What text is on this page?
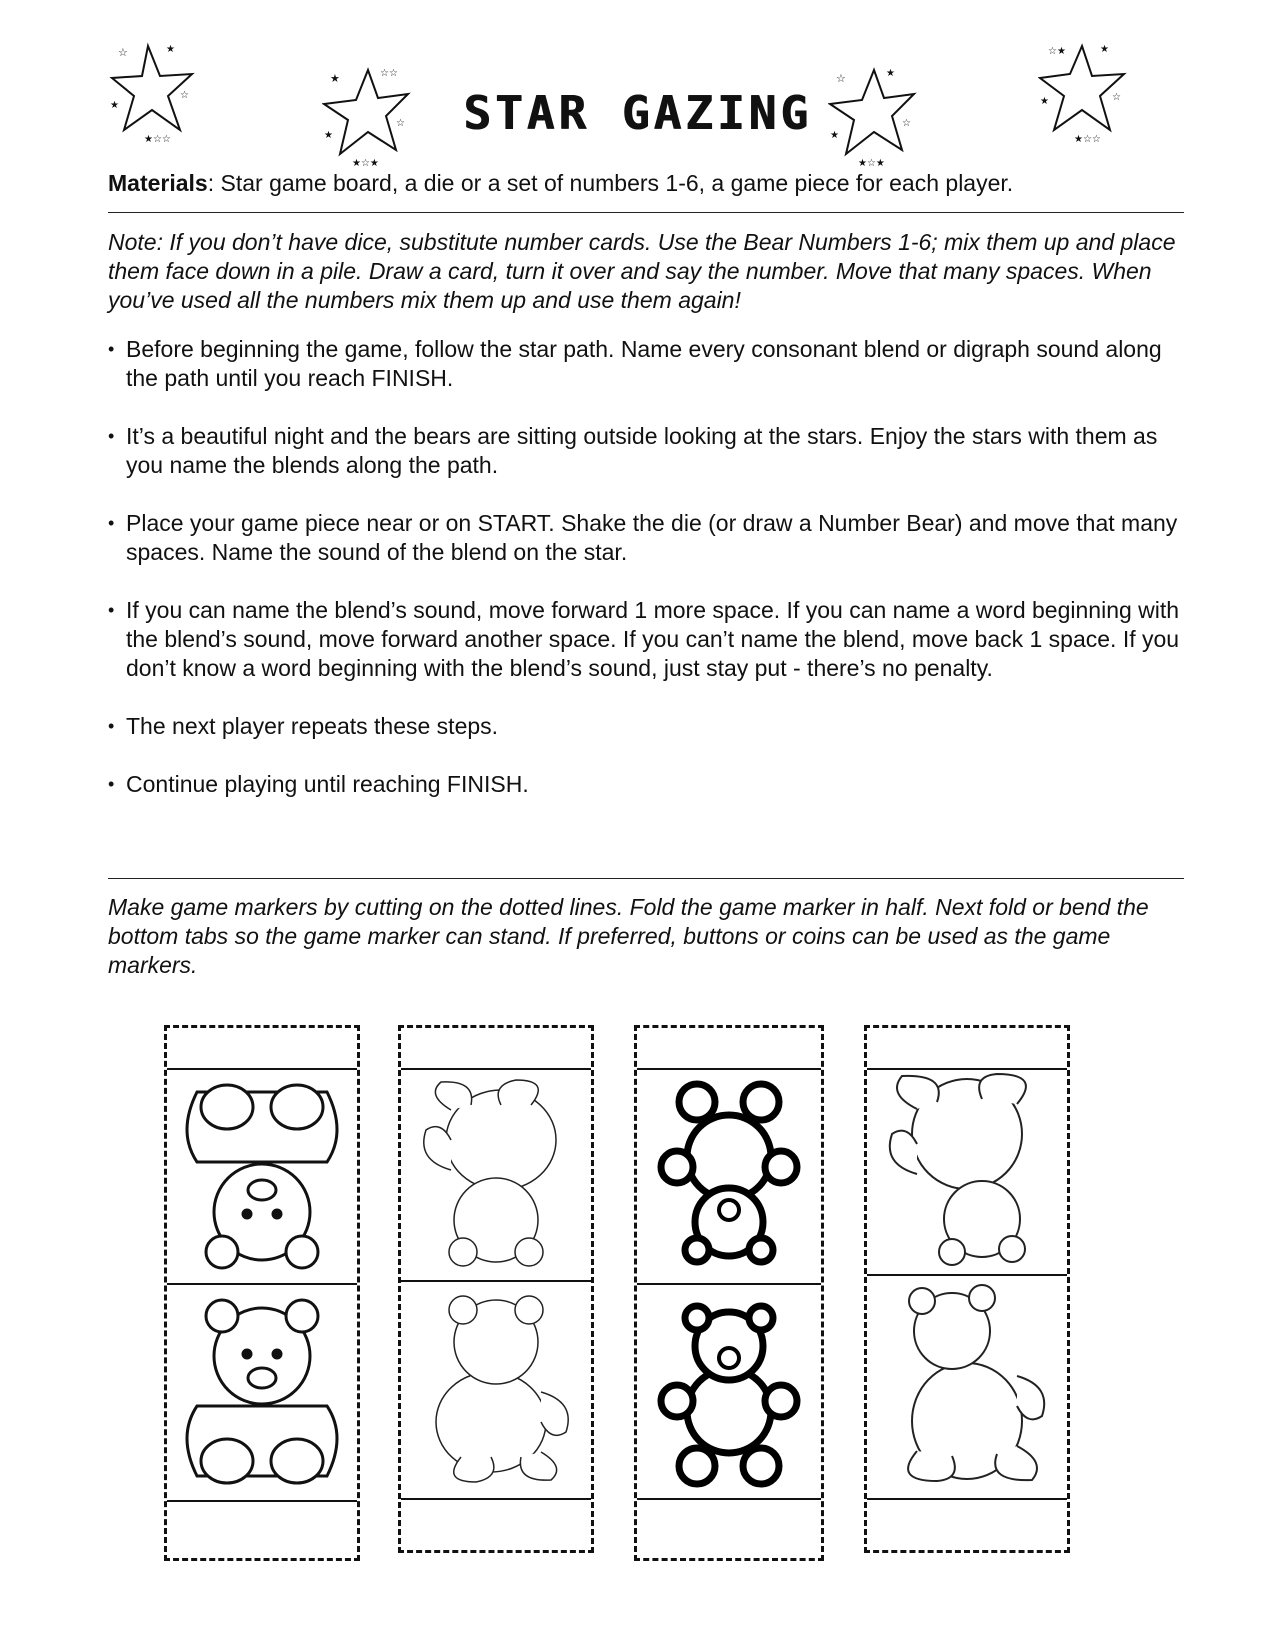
☆	★
★
☆
★☆☆
★	☆☆
★
☆
★☆★
☆	★
★
☆
★☆★
☆★	★
★	☆
★☆☆
STAR GAZING
Materials: Star game board, a die or a set of numbers 1-6, a game piece for each player.
Note: If you don’t have dice, substitute number cards. Use the Bear Numbers 1-6; mix them up and place them face down in a pile. Draw a card, turn it over and say the number. Move that many spaces. When you’ve used all the numbers mix them up and use them again!
• Before beginning the game, follow the star path. Name every consonant blend or digraph sound along the path until you reach FINISH.
• It’s a beautiful night and the bears are sitting outside looking at the stars. Enjoy the stars with them as you name the blends along the path.
• Place your game piece near or on START. Shake the die (or draw a Number Bear) and move that many spaces. Name the sound of the blend on the star.
• If you can name the blend’s sound, move forward 1 more space. If you can name a word beginning with the blend’s sound, move forward another space. If you can’t name the blend, move back 1 space. If you don’t know a word beginning with the blend’s sound, just stay put - there’s no penalty.
• The next player repeats these steps.
• Continue playing until reaching FINISH.
Make game markers by cutting on the dotted lines. Fold the game marker in half. Next fold or bend the bottom tabs so the game marker can stand. If preferred, buttons or coins can be used as the game markers.
